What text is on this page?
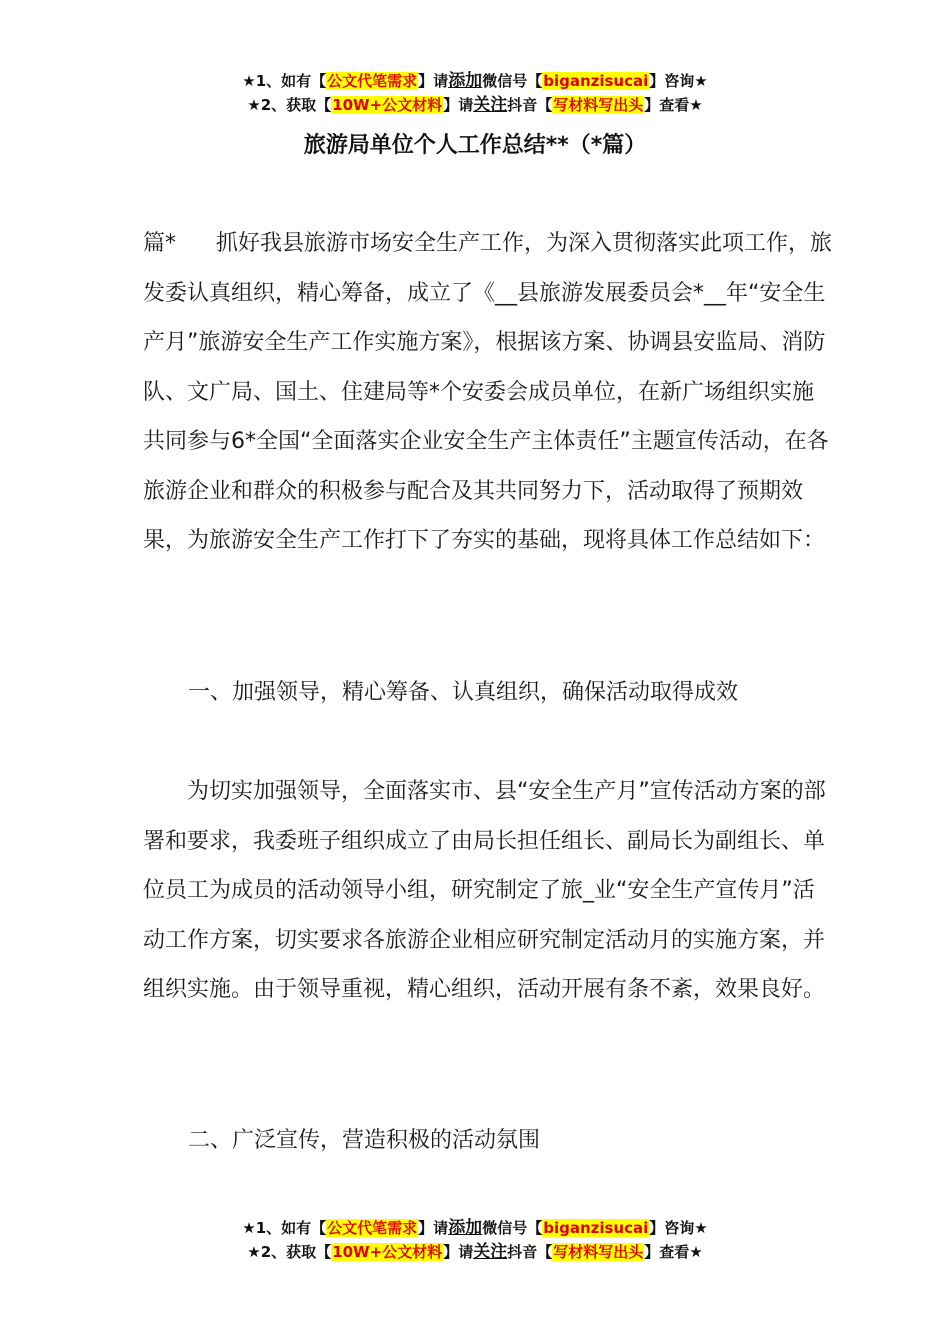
★1、如有【公文代笔需求】请添加微信号【biganzisucai】咨询★
★2、获取【10W+公文材料】请关注抖音【写材料写出头】查看★
旅游局单位个人工作总结**（*篇）
篇* 抓好我县旅游市场安全生产工作，为深入贯彻落实此项工作，旅发委认真组织，精心筹备，成立了《__县旅游发展委员会*__年“安全生产月”旅游安全生产工作实施方案》，根据该方案、协调县安监局、消防队、文广局、国土、住建局等*个安委会成员单位，在新广场组织实施共同参与6*全国“全面落实企业安全生产主体责任”主题宣传活动，在各旅游企业和群众的积极参与配合及其共同努力下，活动取得了预期效果，为旅游安全生产工作打下了夯实的基础，现将具体工作总结如下：
一、加强领导，精心筹备、认真组织，确保活动取得成效
为切实加强领导，全面落实市、县“安全生产月”宣传活动方案的部署和要求，我委班子组织成立了由局长担任组长、副局长为副组长、单位员工为成员的活动领导小组，研究制定了旅_业“安全生产宣传月”活动工作方案，切实要求各旅游企业相应研究制定活动月的实施方案，并组织实施。由于领导重视，精心组织，活动开展有条不紊，效果良好。
二、广泛宣传，营造积极的活动氛围
★1、如有【公文代笔需求】请添加微信号【biganzisucai】咨询★
★2、获取【10W+公文材料】请关注抖音【写材料写出头】查看★
